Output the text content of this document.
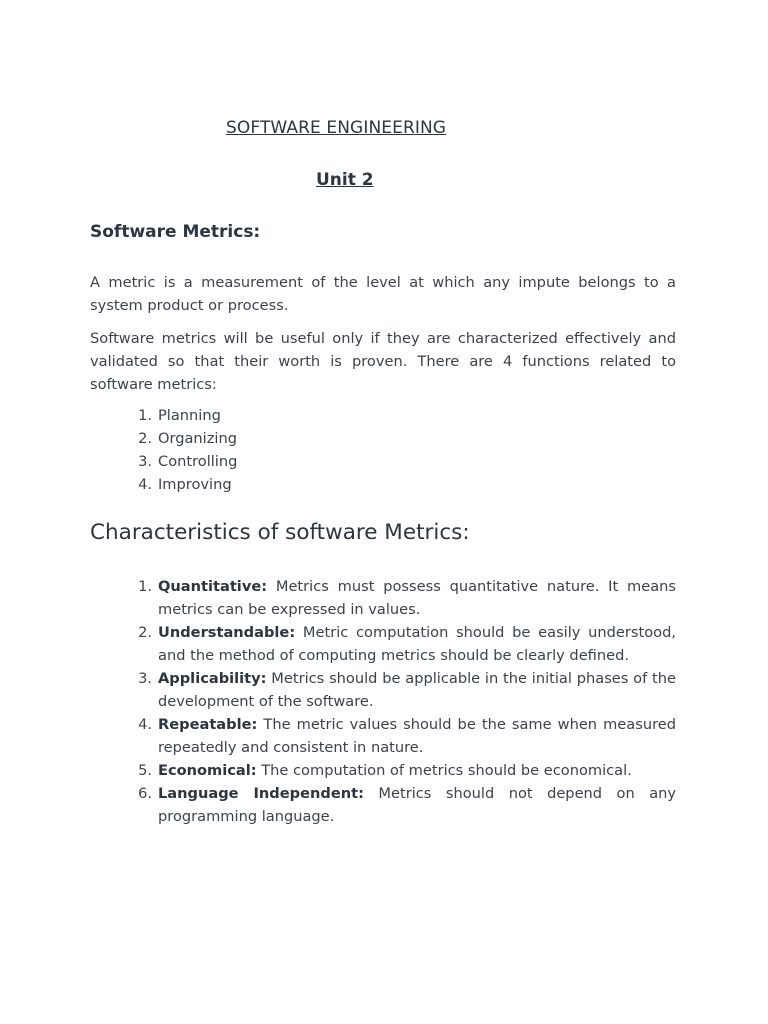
SOFTWARE ENGINEERING
Unit 2
Software Metrics:

A metric is a measurement of the level at which any impute belongs to a system product or process.

Software metrics will be useful only if they are characterized effectively and validated so that their worth is proven. There are 4 functions related to software metrics:

1. Planning
2. Organizing
3. Controlling
4. Improving
Characteristics of software Metrics:
1. Quantitative: Metrics must possess quantitative nature. It means metrics can be expressed in values.
2. Understandable: Metric computation should be easily understood, and the method of computing metrics should be clearly defined.
3. Applicability: Metrics should be applicable in the initial phases of the development of the software.
4. Repeatable: The metric values should be the same when measured repeatedly and consistent in nature.
5. Economical: The computation of metrics should be economical.
6. Language Independent: Metrics should not depend on any programming language.
